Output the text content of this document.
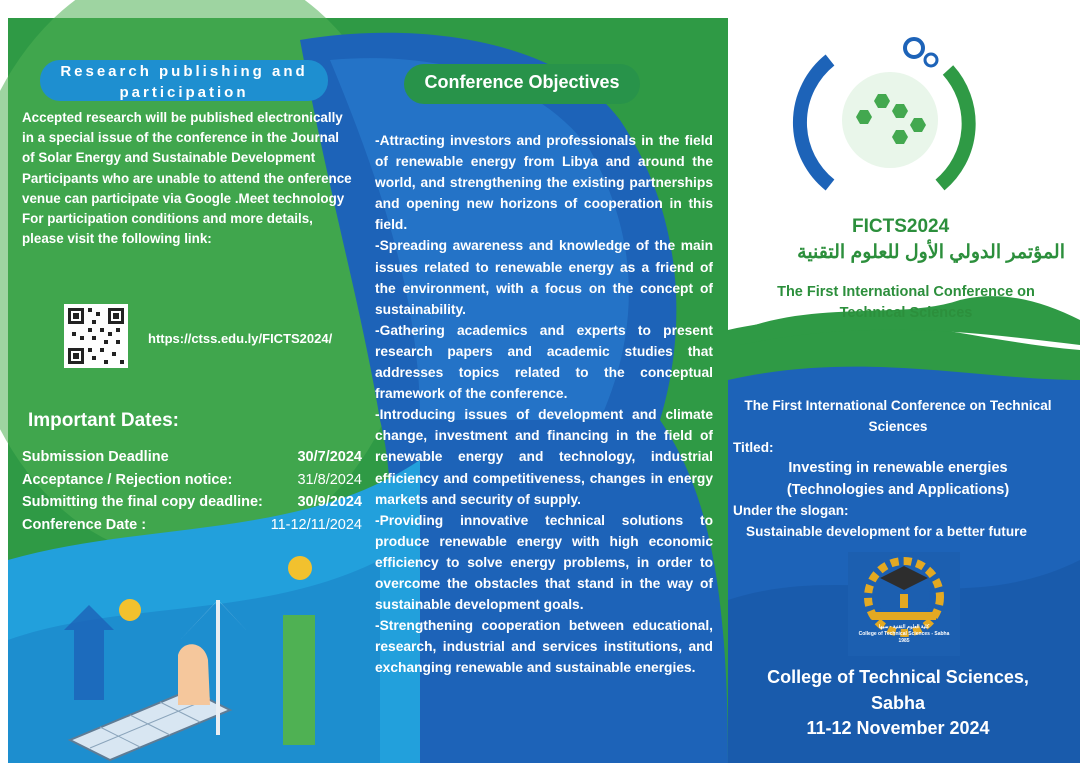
Research publishing and participation

Accepted research will be published electronically in a special issue of the conference in the Journal of Solar Energy and Sustainable Development

Participants who are unable to attend the onference venue can participate via Google .Meet technology

For participation conditions and more details, please visit the following link:

https://ctss.edu.ly/FICTS2024/
Important Dates:
Submission Deadline	30/7/2024
Acceptance / Rejection notice:	31/8/2024
Submitting the final copy deadline: 30/9/2024
Conference Date :	11-12/11/2024
Conference Objectives

-Attracting investors and professionals in the field of renewable energy from Libya and around the world, and strengthening the existing partnerships and opening new horizons of cooperation in this field.

-Spreading awareness and knowledge of the main issues related to renewable energy as a friend of the environment, with a focus on the concept of sustainability.

-Gathering academics and experts to present research papers and academic studies that addresses topics related to the conceptual framework of the conference.

-Introducing issues of development and climate change, investment and financing in the field of renewable energy and technology, industrial efficiency and competitiveness, changes in energy markets and security of supply.

-Providing innovative technical solutions to produce renewable energy with high economic efficiency to solve energy problems, in order to overcome the obstacles that stand in the way of sustainable development goals.

-Strengthening cooperation between educational, research, industrial and services institutions, and exchanging renewable and sustainable energies.

FICTS2024
المؤتمر الدولي الأول للعلوم التقنية
The First International Conference on Technical Sciences
The First International Conference on Technical Sciences
Titled:
Investing in renewable energies
(Technologies and Applications)
Under the slogan:
Sustainable development for a better future
كلية العلوم التقنية - سبها
College of Technical Sciences - Sabha
1985
College of Technical Sciences, Sabha
11-12 November 2024
